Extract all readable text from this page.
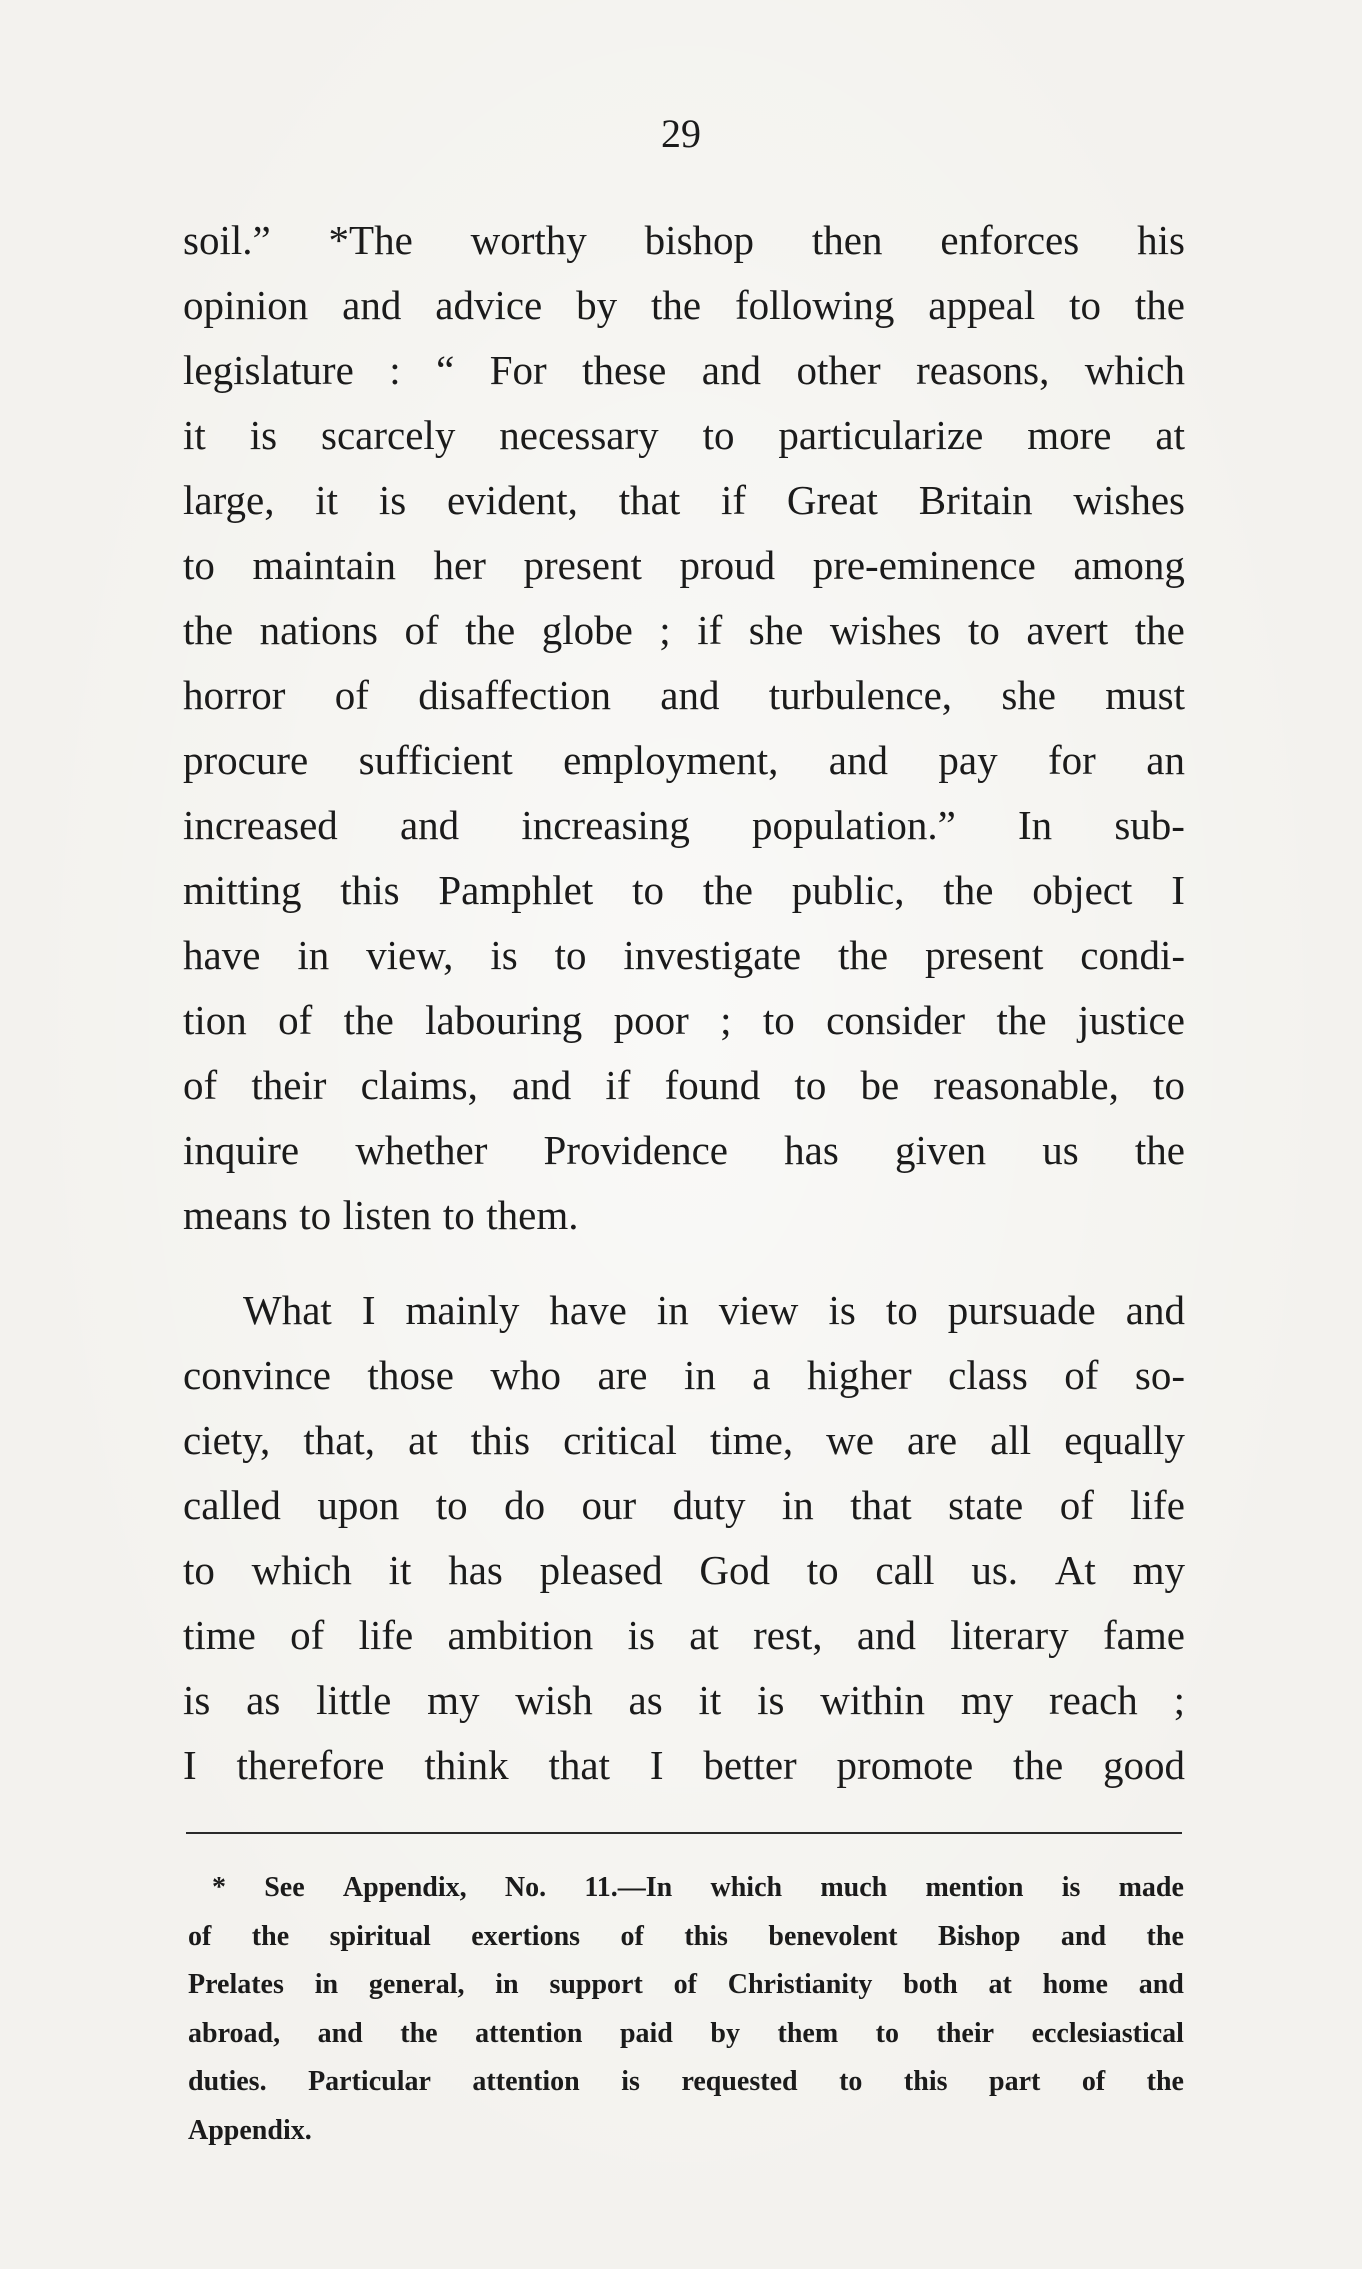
29
soil.” *The worthy bishop then enforces his
opinion and advice by the following appeal to the
legislature : “ For these and other reasons, which
it is scarcely necessary to particularize more at
large, it is evident, that if Great Britain wishes
to maintain her present proud pre-eminence among
the nations of the globe ; if she wishes to avert the
horror of disaffection and turbulence, she must
procure sufficient employment, and pay for an
increased and increasing population.” In sub-
mitting this Pamphlet to the public, the object I
have in view, is to investigate the present condi-
tion of the labouring poor ; to consider the justice
of their claims, and if found to be reasonable, to
inquire whether Providence has given us the
means to listen to them.
What I mainly have in view is to pursuade and
convince those who are in a higher class of so-
ciety, that, at this critical time, we are all equally
called upon to do our duty in that state of life
to which it has pleased God to call us. At my
time of life ambition is at rest, and literary fame
is as little my wish as it is within my reach ;
I therefore think that I better promote the good
* See Appendix, No. 11.—In which much mention is made
of the spiritual exertions of this benevolent Bishop and the
Prelates in general, in support of Christianity both at home and
abroad, and the attention paid by them to their ecclesiastical
duties. Particular attention is requested to this part of the
Appendix.
